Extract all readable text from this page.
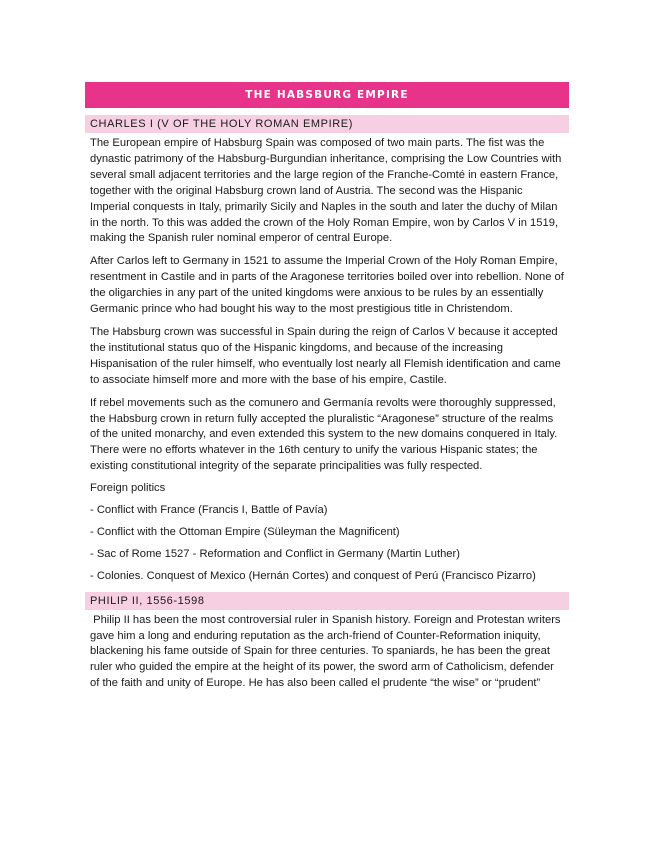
THE HABSBURG EMPIRE
CHARLES I (V OF THE HOLY ROMAN EMPIRE)

The European empire of Habsburg Spain was composed of two main parts. The fist was the dynastic patrimony of the Habsburg-Burgundian inheritance, comprising the Low Countries with several small adjacent territories and the large region of the Franche-Comté in eastern France, together with the original Habsburg crown land of Austria. The second was the Hispanic Imperial conquests in Italy, primarily Sicily and Naples in the south and later the duchy of Milan in the north. To this was added the crown of the Holy Roman Empire, won by Carlos V in 1519, making the Spanish ruler nominal emperor of central Europe.

After Carlos left to Germany in 1521 to assume the Imperial Crown of the Holy Roman Empire, resentment in Castile and in parts of the Aragonese territories boiled over into rebellion. None of the oligarchies in any part of the united kingdoms were anxious to be rules by an essentially Germanic prince who had bought his way to the most prestigious title in Christendom.

The Habsburg crown was successful in Spain during the reign of Carlos V because it accepted the institutional status quo of the Hispanic kingdoms, and because of the increasing Hispanisation of the ruler himself, who eventually lost nearly all Flemish identification and came to associate himself more and more with the base of his empire, Castile.

If rebel movements such as the comunero and Germanía revolts were thoroughly suppressed, the Habsburg crown in return fully accepted the pluralistic “Aragonese” structure of the realms of the united monarchy, and even extended this system to the new domains conquered in Italy. There were no efforts whatever in the 16th century to unify the various Hispanic states; the existing constitutional integrity of the separate principalities was fully respected.

Foreign politics
- Conflict with France (Francis I, Battle of Pavía)
- Conflict with the Ottoman Empire (Süleyman the Magnificent)
- Sac of Rome 1527 - Reformation and Conflict in Germany (Martin Luther)
- Colonies. Conquest of Mexico (Hernán Cortes) and conquest of Perú (Francisco Pizarro)
PHILIP II, 1556-1598

Philip II has been the most controversial ruler in Spanish history. Foreign and Protestan writers gave him a long and enduring reputation as the arch-friend of Counter-Reformation iniquity, blackening his fame outside of Spain for three centuries. To spaniards, he has been the great ruler who guided the empire at the height of its power, the sword arm of Catholicism, defender of the faith and unity of Europe. He has also been called el prudente “the wise” or “prudent”
